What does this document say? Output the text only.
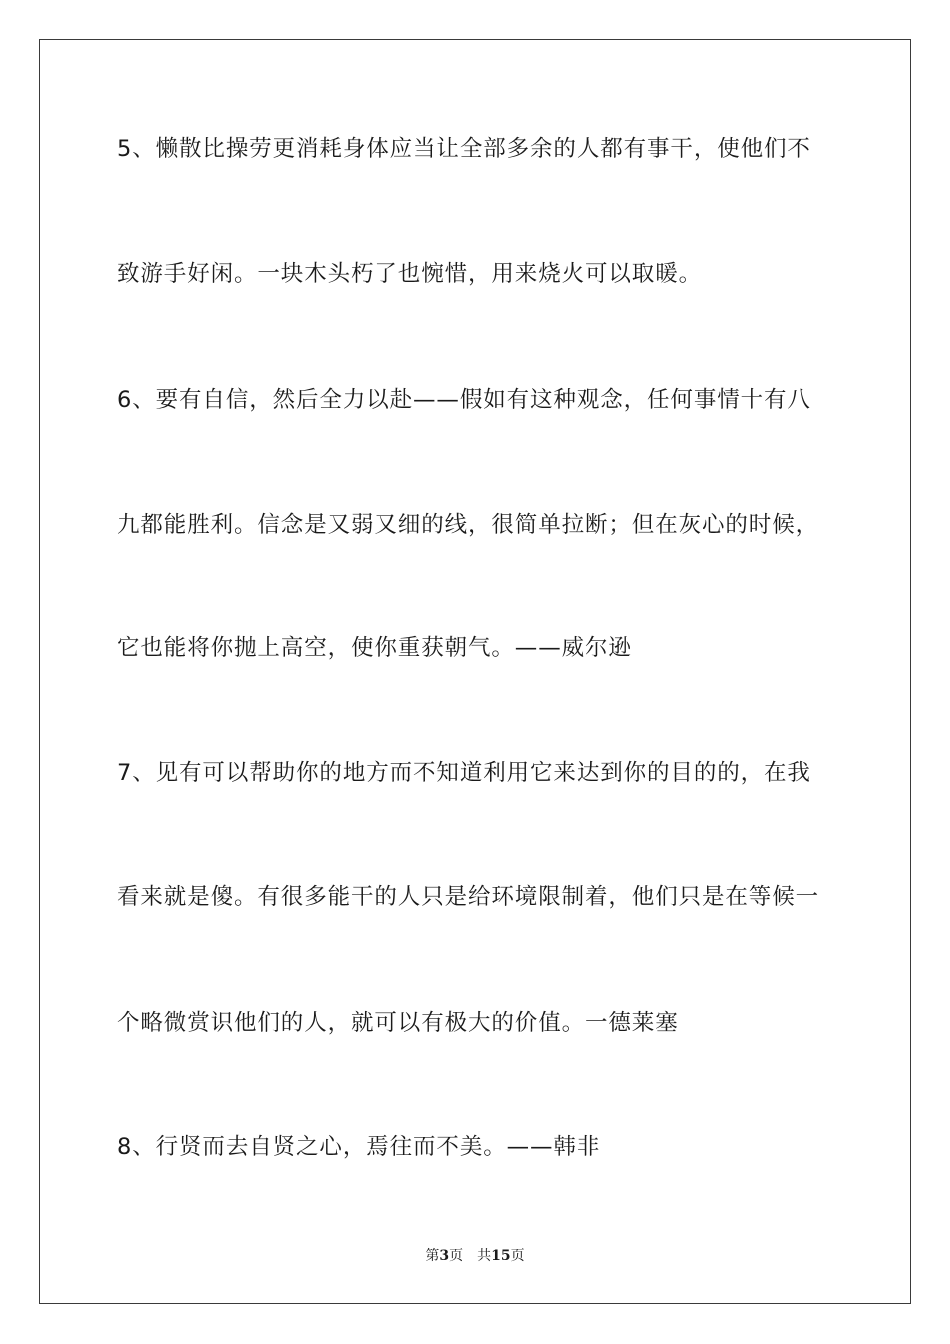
5、懒散比操劳更消耗身体应当让全部多余的人都有事干，使他们不
致游手好闲。一块木头朽了也惋惜，用来烧火可以取暖。
6、要有自信，然后全力以赴——假如有这种观念，任何事情十有八
九都能胜利。信念是又弱又细的线，很简单拉断；但在灰心的时候，
它也能将你抛上高空，使你重获朝气。——威尔逊
7、见有可以帮助你的地方而不知道利用它来达到你的目的的，在我
看来就是傻。有很多能干的人只是给环境限制着，他们只是在等候一
个略微赏识他们的人，就可以有极大的价值。一德莱塞
8、行贤而去自贤之心，焉往而不美。——韩非
第3页 共15页
